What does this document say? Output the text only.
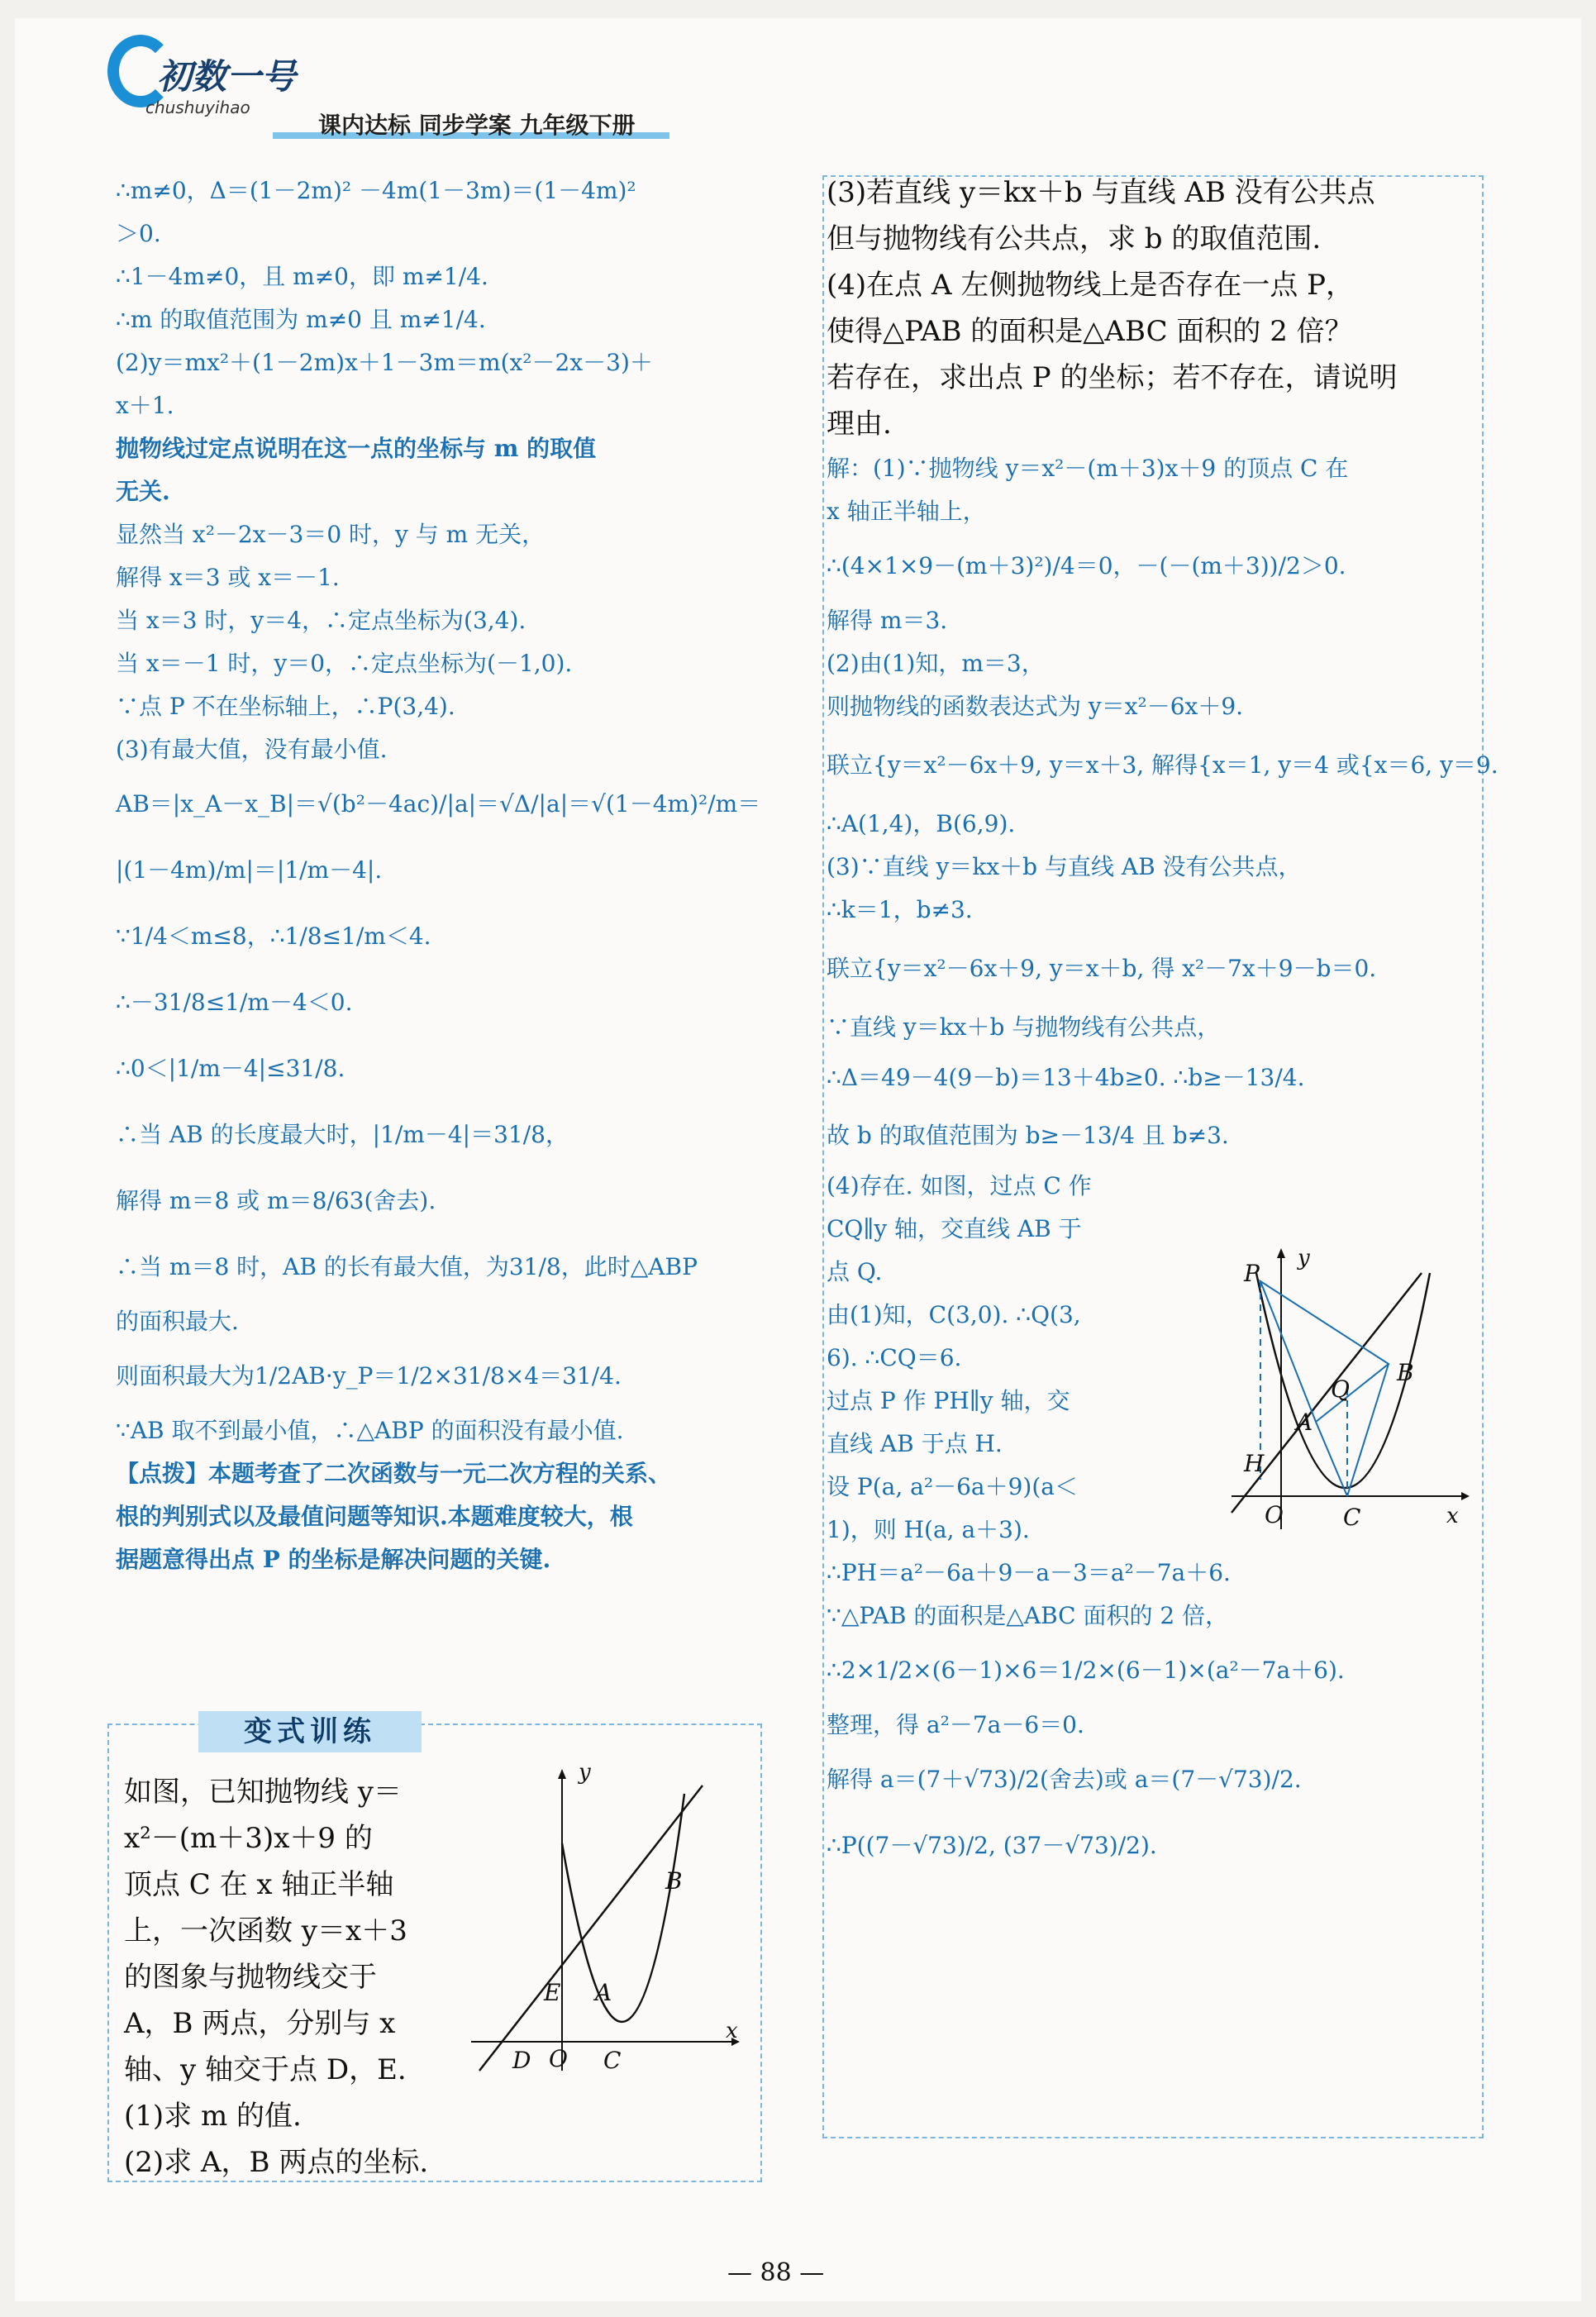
初数一号
chushuyihao
课内达标 同步学案 九年级下册
∴m≠0，Δ＝(1－2m)² －4m(1－3m)＝(1－4m)²
＞0.
∴1－4m≠0，且 m≠0，即 m≠1/4.
∴m 的取值范围为 m≠0 且 m≠1/4.
(2)y＝mx²＋(1－2m)x＋1－3m＝m(x²－2x－3)＋
x＋1.
抛物线过定点说明在这一点的坐标与 m 的取值
无关.
显然当 x²－2x－3＝0 时，y 与 m 无关，
解得 x＝3 或 x＝－1.
当 x＝3 时，y＝4，∴定点坐标为(3,4).
当 x＝－1 时，y＝0，∴定点坐标为(－1,0).
∵点 P 不在坐标轴上，∴P(3,4).
(3)有最大值，没有最小值.
AB＝|x_A－x_B|＝√(b²－4ac)/|a|＝√Δ/|a|＝√(1－4m)²/m＝
|(1－4m)/m|＝|1/m－4|.
∵1/4＜m≤8，∴1/8≤1/m＜4.
∴－31/8≤1/m－4＜0.
∴0＜|1/m－4|≤31/8.
∴当 AB 的长度最大时，|1/m－4|＝31/8，
解得 m＝8 或 m＝8/63(舍去).
∴当 m＝8 时，AB 的长有最大值，为31/8，此时△ABP
的面积最大.
则面积最大为1/2AB·y_P＝1/2×31/8×4＝31/4.
∵AB 取不到最小值，∴△ABP 的面积没有最小值.
【点拨】本题考查了二次函数与一元二次方程的关系、
根的判别式以及最值问题等知识.本题难度较大，根
据题意得出点 P 的坐标是解决问题的关键.
变式训练
如图，已知抛物线 y＝
x²－(m＋3)x＋9 的
顶点 C 在 x 轴正半轴
上，一次函数 y＝x＋3
的图象与抛物线交于
A，B 两点，分别与 x
轴、y 轴交于点 D，E.
(1)求 m 的值.
(2)求 A，B 两点的坐标.
y
x
B
E A
D O C
(3)若直线 y＝kx＋b 与直线 AB 没有公共点
但与抛物线有公共点，求 b 的取值范围.
(4)在点 A 左侧抛物线上是否存在一点 P，
使得△PAB 的面积是△ABC 面积的 2 倍？
若存在，求出点 P 的坐标；若不存在，请说明
理由.
解：(1)∵抛物线 y＝x²－(m＋3)x＋9 的顶点 C 在
x 轴正半轴上，
∴(4×1×9－(m＋3)²)/4＝0，－(－(m＋3))/2＞0.
解得 m＝3.
(2)由(1)知，m＝3，
则抛物线的函数表达式为 y＝x²－6x＋9.
联立{y＝x²－6x＋9, y＝x＋3, 解得{x＝1, y＝4 或{x＝6, y＝9.
∴A(1,4)，B(6,9).
(3)∵直线 y＝kx＋b 与直线 AB 没有公共点，
∴k＝1，b≠3.
联立{y＝x²－6x＋9, y＝x＋b, 得 x²－7x＋9－b＝0.
∵直线 y＝kx＋b 与抛物线有公共点，
∴Δ＝49－4(9－b)＝13＋4b≥0. ∴b≥－13/4.
故 b 的取值范围为 b≥－13/4 且 b≠3.
(4)存在. 如图，过点 C 作
CQ∥y 轴，交直线 AB 于
点 Q.
由(1)知，C(3,0). ∴Q(3,
6). ∴CQ＝6.
过点 P 作 PH∥y 轴，交
直线 AB 于点 H.
设 P(a, a²－6a＋9)(a＜
1)，则 H(a, a＋3).
∴PH＝a²－6a＋9－a－3＝a²－7a＋6.
∵△PAB 的面积是△ABC 面积的 2 倍，
∴2×1/2×(6－1)×6＝1/2×(6－1)×(a²－7a＋6).
整理，得 a²－7a－6＝0.
解得 a＝(7＋√73)/2(舍去)或 a＝(7－√73)/2.
∴P((7－√73)/2, (37－√73)/2).
P
y
B
Q
A
H
O	C	x
— 88 —
